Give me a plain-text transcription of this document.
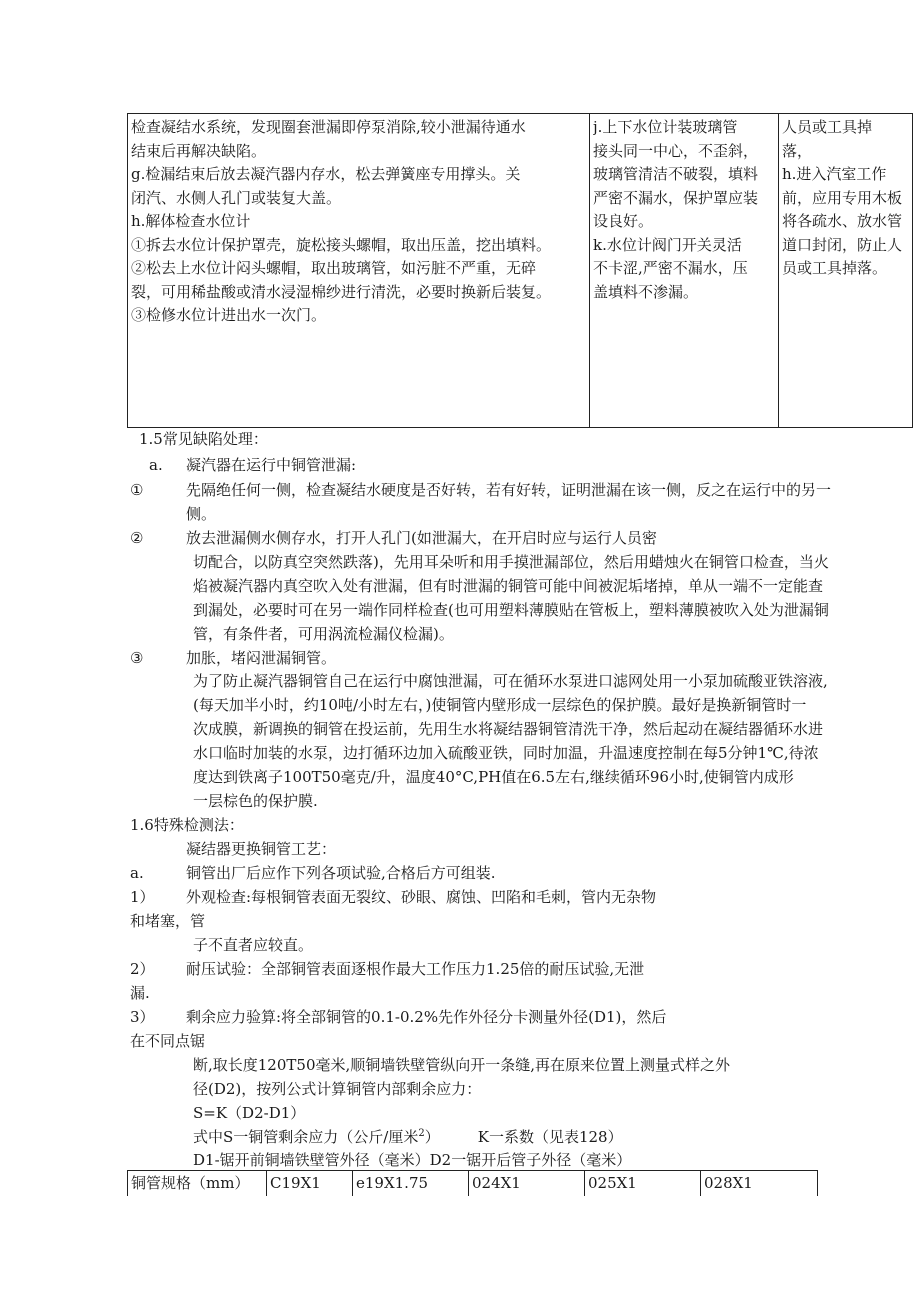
检查凝结水系统，发现圈套泄漏即停泵消除,较小泄漏待通水
结束后再解决缺陷。
g.检漏结束后放去凝汽器内存水，松去弹簧座专用撑头。关
闭汽、水侧人孔门或装复大盖。
h.解体检查水位计
①拆去水位计保护罩壳，旋松接头螺帽，取出压盖，挖出填料。
②松去上水位计闷头螺帽，取出玻璃管，如污脏不严重，无碎
裂，可用稀盐酸或清水浸湿棉纱进行清洗，必要时换新后装复。
③检修水位计进出水一次门。

j.上下水位计装玻璃管
接头同一中心，不歪斜，
玻璃管清洁不破裂，填料
严密不漏水，保护罩应装
设良好。
k.水位计阀门开关灵活
不卡涩,严密不漏水，压
盖填料不渗漏。

人员或工具掉
落，
h.进入汽室工作
前，应用专用木板
将各疏水、放水管
道口封闭，防止人
员或工具掉落。
1.5常见缺陷处理：
a. 凝汽器在运行中铜管泄漏:
①	先隔绝任何一侧，检查凝结水硬度是否好转，若有好转，证明泄漏在该一侧，反之在运行中的另一
侧。
②	放去泄漏侧水侧存水，打开人孔门(如泄漏大，在开启时应与运行人员密
切配合，以防真空突然跌落)，先用耳朵听和用手摸泄漏部位，然后用蜡烛火在铜管口检查，当火
焰被凝汽器内真空吹入处有泄漏，但有时泄漏的铜管可能中间被泥垢堵掉，单从一端不一定能查
到漏处，必要时可在另一端作同样检查(也可用塑料薄膜贴在管板上，塑料薄膜被吹入处为泄漏铜
管，有条件者，可用涡流检漏仪检漏)。
③	加胀，堵闷泄漏铜管。
为了防止凝汽器铜管自己在运行中腐蚀泄漏，可在循环水泵进口滤网处用一小泵加硫酸亚铁溶液,
(每天加半小时，约10吨/小时左右，)使铜管内壁形成一层综色的保护膜。最好是换新铜管时一
次成膜，新调换的铜管在投运前，先用生水将凝结器铜管清洗干净，然后起动在凝结器循环水进
水口临时加装的水泵，边打循环边加入硫酸亚铁，同时加温，升温速度控制在每5分钟1℃,待浓
度达到铁离子100T50毫克/升，温度40°C,PH值在6.5左右,继续循环96小时,使铜管内成形
一层棕色的保护膜.
1.6特殊检测法：
凝结器更换铜管工艺：
a.	铜管出厂后应作下列各项试验,合格后方可组装.
1） 外观检查:每根铜管表面无裂纹、砂眼、腐蚀、凹陷和毛刺，管内无杂物
和堵塞，管
子不直者应较直。
2） 耐压试验：全部铜管表面逐根作最大工作压力1.25倍的耐压试验,无泄
漏.
3） 剩余应力验算:将全部铜管的0.1-0.2%先作外径分卡测量外径(D1)，然后
在不同点锯
断,取长度120T50毫米,顺铜墙铁壁管纵向开一条缝,再在原来位置上测量式样之外
径(D2)，按列公式计算铜管内部剩余应力：
S=K（D2-D1）
式中S一铜管剩余应力（公斤/厘米$^2$）	K一系数（见表128）
D1-锯开前铜墙铁壁管外径（毫米）D2一锯开后管子外径（毫米）
铜管规格（mm）	C19X1	e19X1.75	024X1	025X1	028X1
